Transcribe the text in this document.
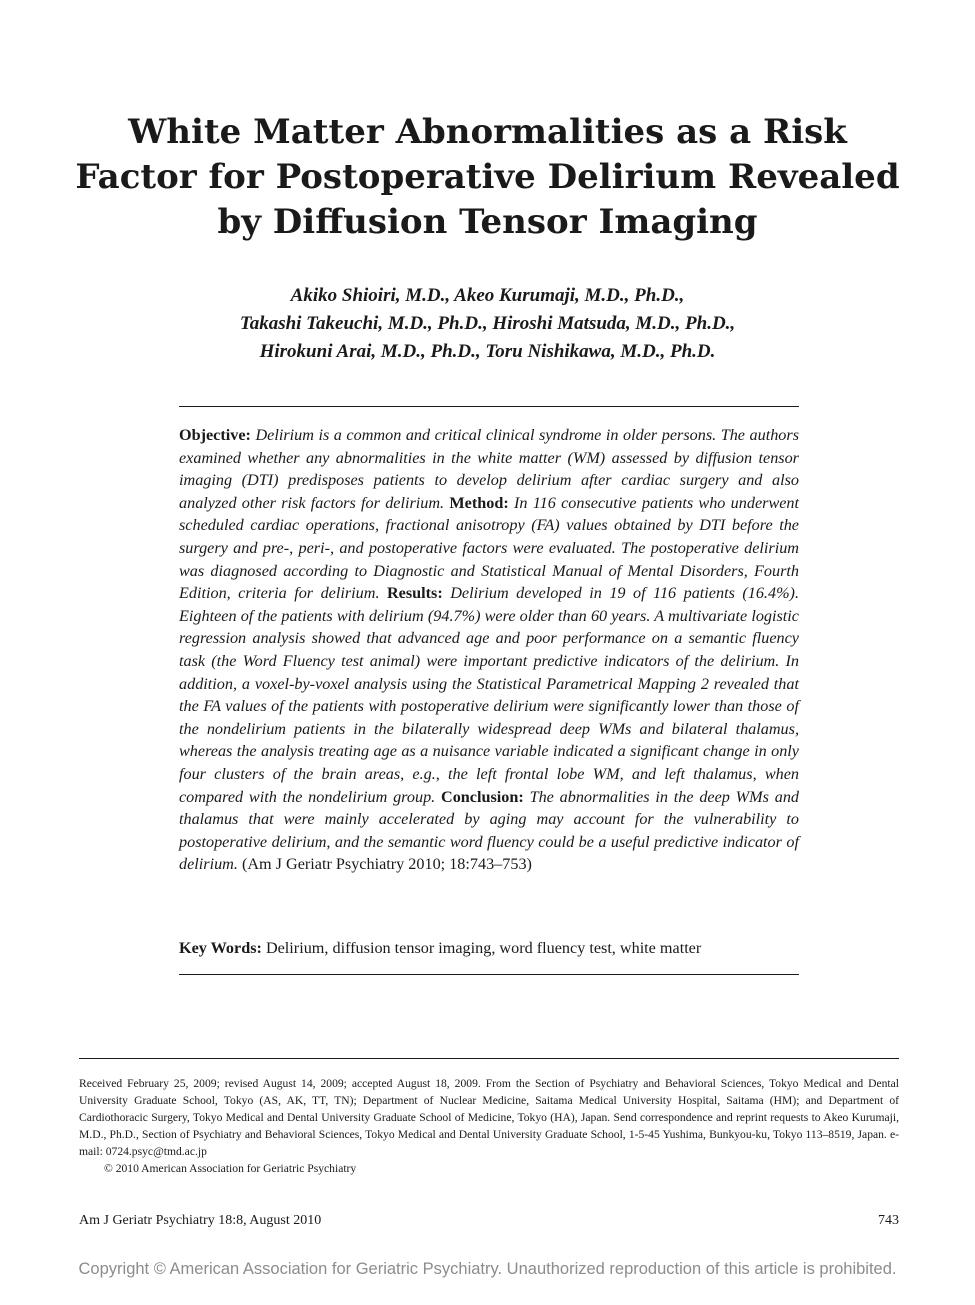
White Matter Abnormalities as a Risk
Factor for Postoperative Delirium Revealed
by Diffusion Tensor Imaging
Akiko Shioiri, M.D., Akeo Kurumaji, M.D., Ph.D.,
Takashi Takeuchi, M.D., Ph.D., Hiroshi Matsuda, M.D., Ph.D.,
Hirokuni Arai, M.D., Ph.D., Toru Nishikawa, M.D., Ph.D.
Objective: Delirium is a common and critical clinical syndrome in older persons. The authors examined whether any abnormalities in the white matter (WM) assessed by diffusion tensor imaging (DTI) predisposes patients to develop delirium after cardiac surgery and also analyzed other risk factors for delirium. Method: In 116 consecutive patients who underwent scheduled cardiac operations, fractional anisotropy (FA) values obtained by DTI before the surgery and pre-, peri-, and postoperative factors were evaluated. The postoperative delirium was diagnosed according to Diagnostic and Statistical Manual of Mental Disorders, Fourth Edition, criteria for delirium. Results: Delirium developed in 19 of 116 patients (16.4%). Eighteen of the patients with delirium (94.7%) were older than 60 years. A multivariate logistic regression analysis showed that advanced age and poor performance on a semantic fluency task (the Word Fluency test animal) were important predictive indicators of the delirium. In addition, a voxel-by-voxel analysis using the Statistical Parametrical Mapping 2 revealed that the FA values of the patients with postoperative delirium were significantly lower than those of the nondelirium patients in the bilaterally widespread deep WMs and bilateral thalamus, whereas the analysis treating age as a nuisance variable indicated a significant change in only four clusters of the brain areas, e.g., the left frontal lobe WM, and left thalamus, when compared with the nondelirium group. Conclusion: The abnormalities in the deep WMs and thalamus that were mainly accelerated by aging may account for the vulnerability to postoperative delirium, and the semantic word fluency could be a useful predictive indicator of delirium. (Am J Geriatr Psychiatry 2010; 18:743–753)
Key Words: Delirium, diffusion tensor imaging, word fluency test, white matter
Received February 25, 2009; revised August 14, 2009; accepted August 18, 2009. From the Section of Psychiatry and Behavioral Sciences, Tokyo Medical and Dental University Graduate School, Tokyo (AS, AK, TT, TN); Department of Nuclear Medicine, Saitama Medical University Hospital, Saitama (HM); and Department of Cardiothoracic Surgery, Tokyo Medical and Dental University Graduate School of Medicine, Tokyo (HA), Japan. Send correspondence and reprint requests to Akeo Kurumaji, M.D., Ph.D., Section of Psychiatry and Behavioral Sciences, Tokyo Medical and Dental University Graduate School, 1-5-45 Yushima, Bunkyou-ku, Tokyo 113–8519, Japan. e-mail: 0724.psyc@tmd.ac.jp
© 2010 American Association for Geriatric Psychiatry
Am J Geriatr Psychiatry 18:8, August 2010	743
Copyright © American Association for Geriatric Psychiatry. Unauthorized reproduction of this article is prohibited.
